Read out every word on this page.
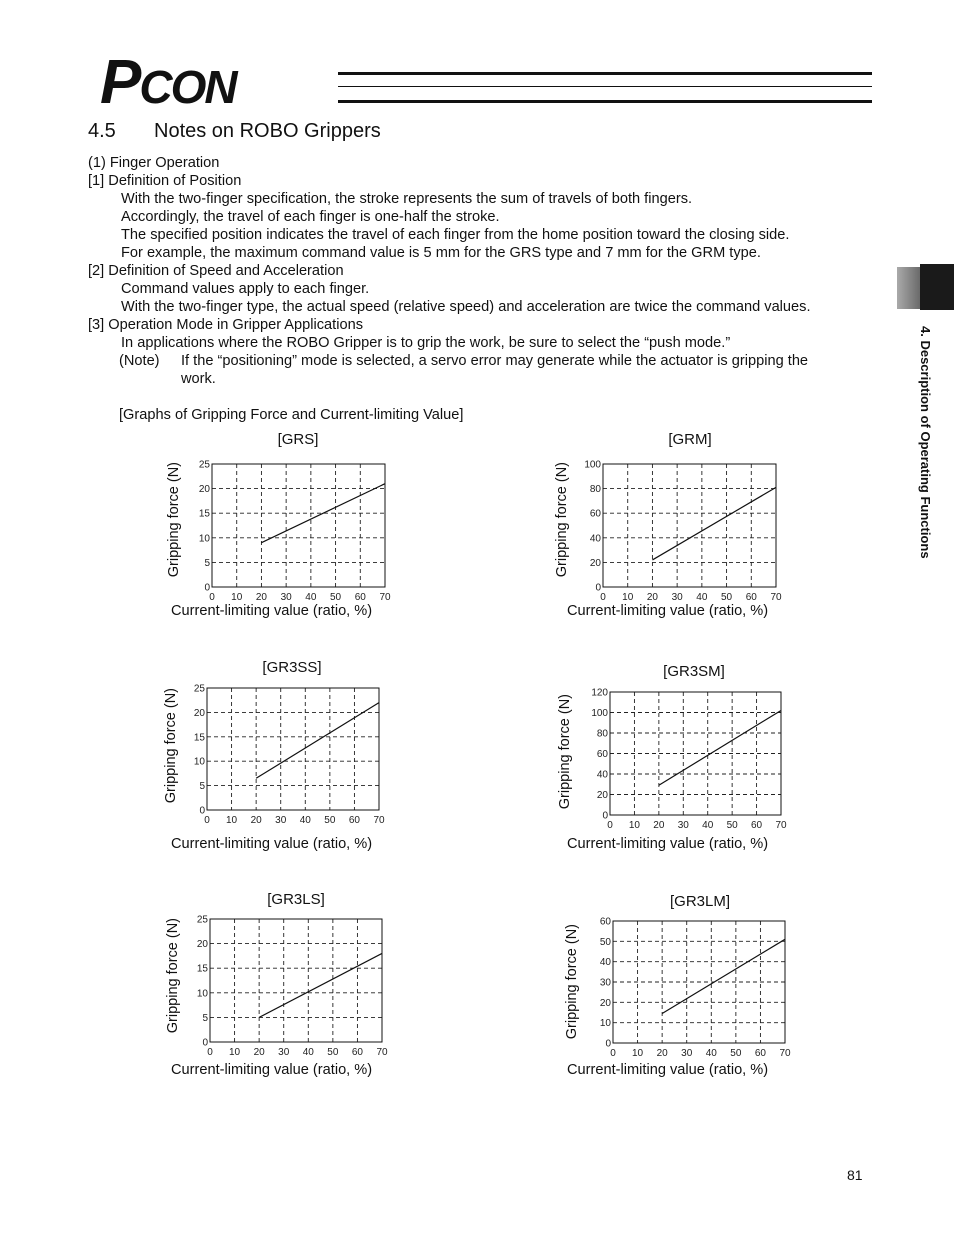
PCON
4.5 Notes on ROBO Grippers
(1) Finger Operation
[1] Definition of Position
With the two-finger specification, the stroke represents the sum of travels of both fingers.
Accordingly, the travel of each finger is one-half the stroke.
The specified position indicates the travel of each finger from the home position toward the closing side.
For example, the maximum command value is 5 mm for the GRS type and 7 mm for the GRM type.
[2] Definition of Speed and Acceleration
Command values apply to each finger.
With the two-finger type, the actual speed (relative speed) and acceleration are twice the command values.
[3] Operation Mode in Gripper Applications
In applications where the ROBO Gripper is to grip the work, be sure to select the “push mode.”
(Note) If the “positioning” mode is selected, a servo error may generate while the actuator is gripping the
work.
[Graphs of Gripping Force and Current-limiting Value]	4. Description of Operating Functions
[GRS]
0 10 20 30 40 50 60 70
0
5
10
15
20
25
Gripping force (N)
Current-limiting value (ratio, %)
[GRM]
0 10 20 30 40 50 60 70
0
20
40
60
80
100
Gripping force (N)
Current-limiting value (ratio, %)
[GR3SS]
0 10 20 30 40 50 60 70
0
5
10
15
20
25
Gripping force (N)
Current-limiting value (ratio, %)
[GR3SM]
0 10 20 30 40 50 60 70
0
20
40
60
80
100
120
Gripping force (N)
Current-limiting value (ratio, %)
[GR3LS]
0 10 20 30 40 50 60 70
0
5
10
15
20
25
Gripping force (N)
Current-limiting value (ratio, %)
[GR3LM]
0 10 20 30 40 50 60 70
0
10
20
30
40
50
60
Gripping force (N)
Current-limiting value (ratio, %)
81
